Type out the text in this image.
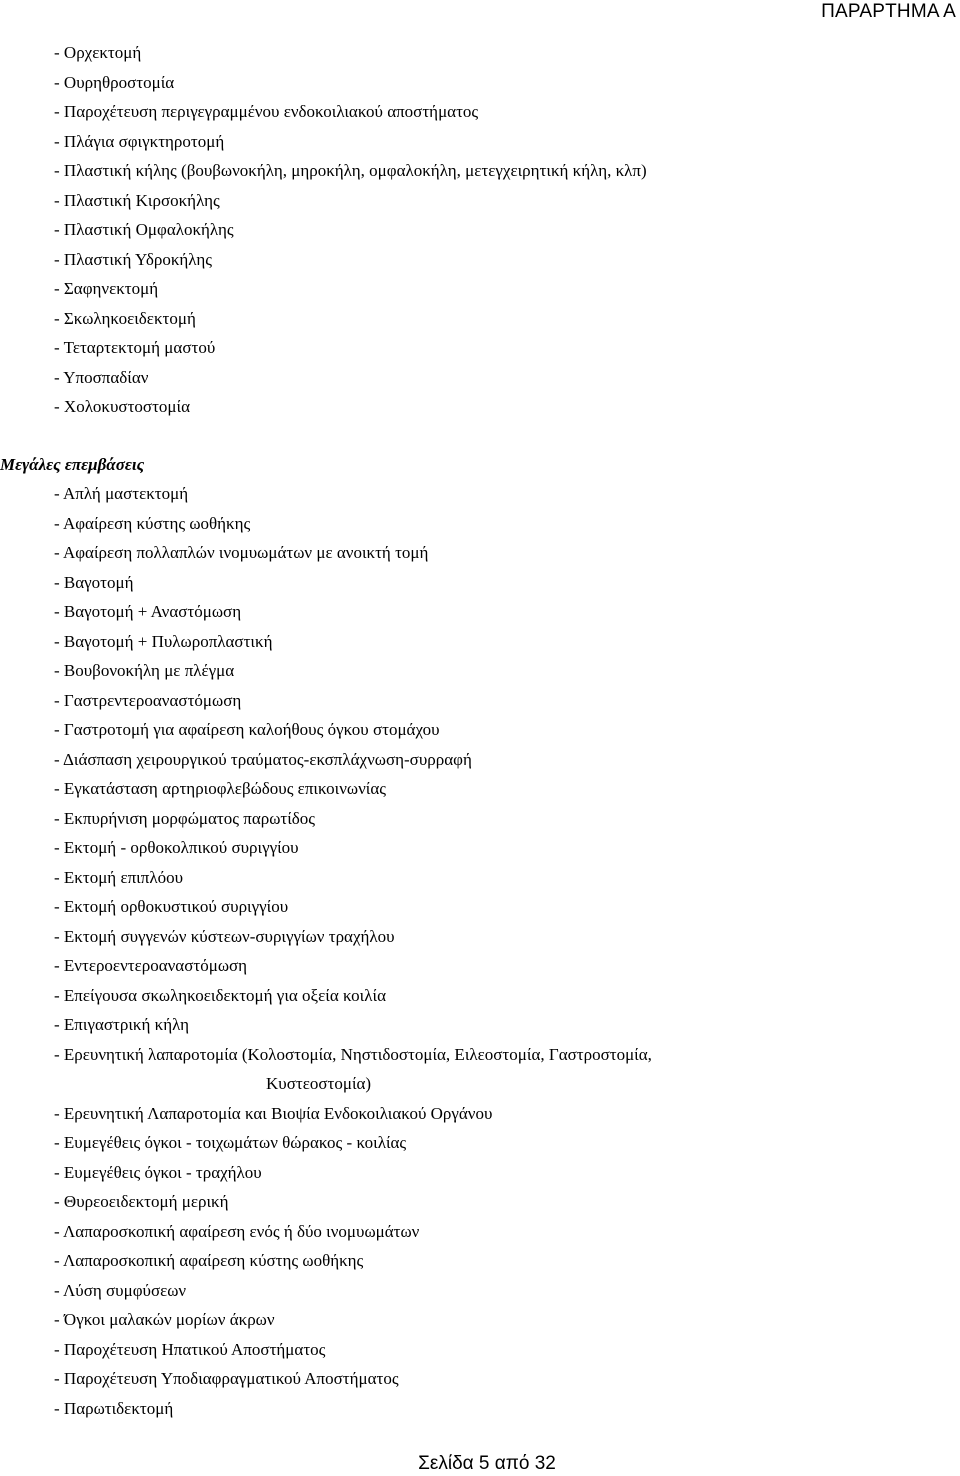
ΠΑΡΑΡΤΗΜΑ Α
- Ορχεκτομή
- Ουρηθροστομία
- Παροχέτευση περιγεγραμμένου ενδοκοιλιακού αποστήματος
- Πλάγια σφιγκτηροτομή
- Πλαστική κήλης (βουβωνοκήλη, μηροκήλη, ομφαλοκήλη, μετεγχειρητική κήλη, κλπ)
- Πλαστική Κιρσοκήλης
- Πλαστική Ομφαλοκήλης
- Πλαστική Υδροκήλης
- Σαφηνεκτομή
- Σκωληκοειδεκτομή
- Τεταρτεκτομή μαστού
- Υποσπαδίαν
- Χολοκυστοστομία
Μεγάλες επεμβάσεις
- Απλή μαστεκτομή
- Αφαίρεση κύστης ωοθήκης
- Αφαίρεση πολλαπλών ινομυωμάτων με ανοικτή τομή
- Βαγοτομή
- Βαγοτομή + Αναστόμωση
- Βαγοτομή + Πυλωροπλαστική
- Βουβονοκήλη με πλέγμα
- Γαστρεντεροαναστόμωση
- Γαστροτομή για αφαίρεση καλοήθους όγκου στομάχου
- Διάσπαση χειρουργικού τραύματος-εκσπλάχνωση-συρραφή
- Εγκατάσταση αρτηριοφλεβώδους επικοινωνίας
- Εκπυρήνιση μορφώματος παρωτίδος
- Εκτομή - ορθοκολπικού συριγγίου
- Εκτομή επιπλόου
- Εκτομή ορθοκυστικού συριγγίου
- Εκτομή συγγενών κύστεων-συριγγίων τραχήλου
- Εντεροεντεροαναστόμωση
- Επείγουσα σκωληκοειδεκτομή για οξεία κοιλία
- Επιγαστρική κήλη
- Ερευνητική λαπαροτομία (Κολοστομία, Νηστιδοστομία, Ειλεοστομία, Γαστροστομία,
Κυστεοστομία)
- Ερευνητική Λαπαροτομία και Βιοψία Ενδοκοιλιακού Οργάνου
- Ευμεγέθεις όγκοι - τοιχωμάτων θώρακος - κοιλίας
- Ευμεγέθεις όγκοι - τραχήλου
- Θυρεοειδεκτομή μερική
- Λαπαροσκοπική αφαίρεση ενός ή δύο ινομυωμάτων
- Λαπαροσκοπική αφαίρεση κύστης ωοθήκης
- Λύση συμφύσεων
- Όγκοι μαλακών μορίων άκρων
- Παροχέτευση Ηπατικού Αποστήματος
- Παροχέτευση Υποδιαφραγματικού Αποστήματος
- Παρωτιδεκτομή
Σελίδα 5 από 32
